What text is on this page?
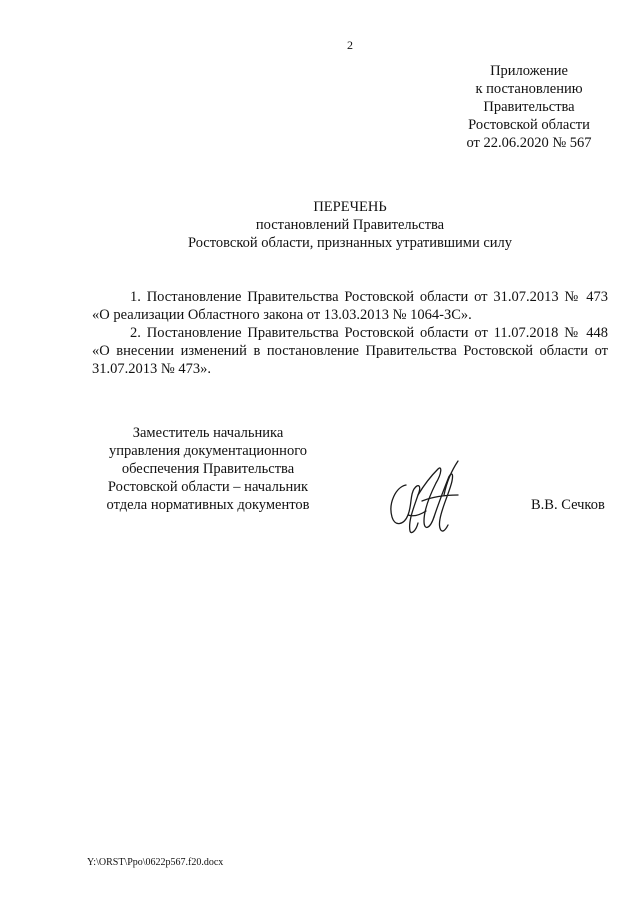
2
Приложение
к постановлению
Правительства
Ростовской области
от 22.06.2020 № 567
ПЕРЕЧЕНЬ
постановлений Правительства
Ростовской области, признанных утратившими силу

1. Постановление Правительства Ростовской области от 31.07.2013 № 473 «О реализации Областного закона от 13.03.2013 № 1064-ЗС».

2. Постановление Правительства Ростовской области от 11.07.2018 № 448 «О внесении изменений в постановление Правительства Ростовской области от 31.07.2013 № 473».

Заместитель начальника
управления документационного
обеспечения Правительства
Ростовской области – начальник
отдела нормативных документов	В.В. Сечков
Y:\ORST\Ppo\0622p567.f20.docx
